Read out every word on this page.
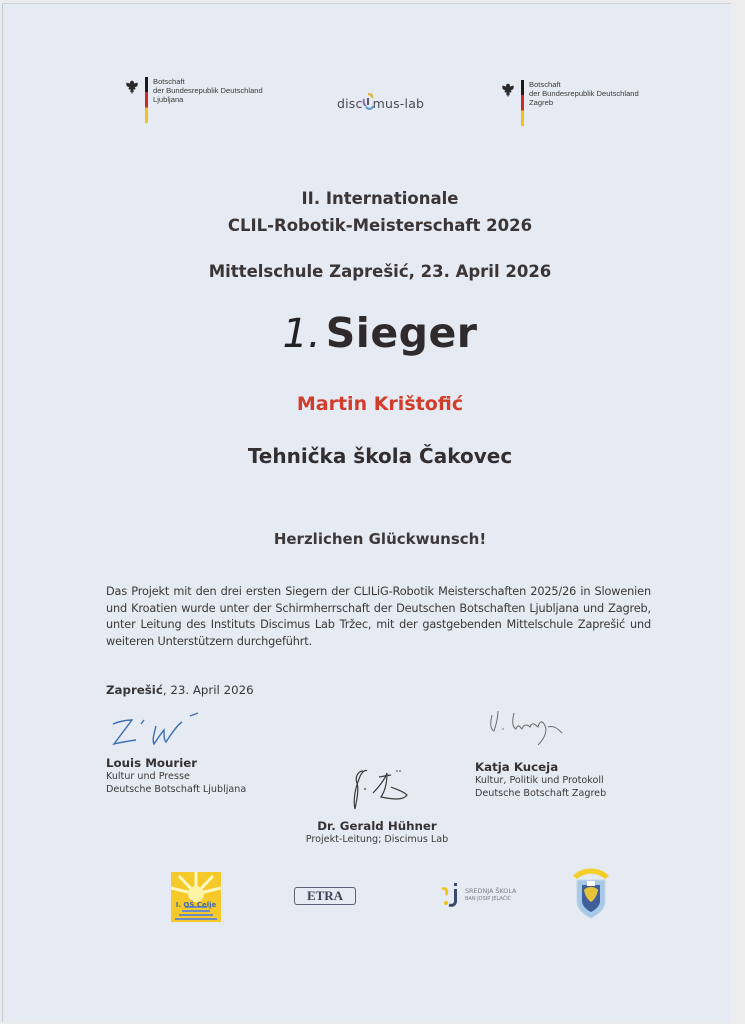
Botschaft
der Bundesrepublik Deutschland
Ljubljana
Botschaft
der Bundesrepublik Deutschland
Zagreb
disc mus-lab
II. Internationale
CLIL-Robotik-Meisterschaft 2026
Mittelschule Zaprešić, 23. April 2026
1. Sieger
Martin Krištofić
Tehnička škola Čakovec
Herzlichen Glückwunsch!
Das Projekt mit den drei ersten Siegern der CLILiG-Robotik Meisterschaften 2025/26 in Slowenien und Kroatien wurde unter der Schirmherrschaft der Deutschen Botschaften Ljubljana und Zagreb, unter Leitung des Instituts Discimus Lab Tržec, mit der gastgebenden Mittelschule Zaprešić und weiteren Unterstützern durchgeführt.
Zaprešić, 23. April 2026
Louis Mourier
Kultur und Presse
Deutsche Botschaft Ljubljana
Katja Kuceja
Kultur, Politik und Protokoll
Deutsche Botschaft Zagreb
Dr. Gerald Hühner
Projekt-Leitung; Discimus Lab
I. OŠ Celje
ETRA	SREDNJA ŠKOLA
BAN JOSIP JELAČIĆ
